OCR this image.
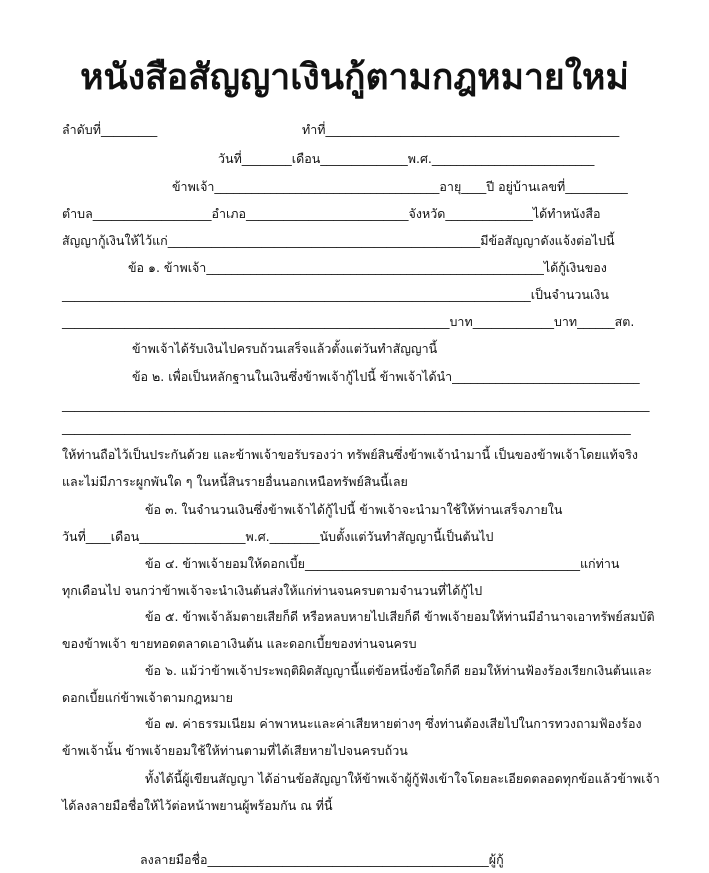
หนังสือสัญญาเงินกู้ตามกฎหมายใหม่
ลำดับที่_________	ทำที่_______________________________________________
วันที่________เดือน______________พ.ศ.__________________________
ข้าพเจ้า____________________________________อายุ____ปี อยู่บ้านเลขที่__________
ตำบล___________________อำเภอ__________________________จังหวัด______________ได้ทำหนังสือ
สัญญากู้เงินให้ไว้แก่__________________________________________________มีข้อสัญญาดังแจ้งต่อไปนี้
ข้อ ๑. ข้าพเจ้า______________________________________________________ได้กู้เงินของ
___________________________________________________________________________เป็นจำนวนเงิน
______________________________________________________________บาท_____________บาท______สต.
ข้าพเจ้าได้รับเงินไปครบถ้วนเสร็จแล้วตั้งแต่วันทำสัญญานี้
ข้อ ๒. เพื่อเป็นหลักฐานในเงินซึ่งข้าพเจ้ากู้ไปนี้ ข้าพเจ้าได้นำ______________________________
______________________________________________________________________________________________
___________________________________________________________________________________________
ให้ท่านถือไว้เป็นประกันด้วย และข้าพเจ้าขอรับรองว่า ทรัพย์สินซึ่งข้าพเจ้านำมานี้ เป็นของข้าพเจ้าโดยแท้จริง
และไม่มีภาระผูกพันใด ๆ ในหนี้สินรายอื่นนอกเหนือทรัพย์สินนี้เลย
ข้อ ๓. ในจำนวนเงินซึ่งข้าพเจ้าได้กู้ไปนี้ ข้าพเจ้าจะนำมาใช้ให้ท่านเสร็จภายใน
วันที่____เดือน_________________พ.ศ.________นับตั้งแต่วันทำสัญญานี้เป็นต้นไป
ข้อ ๔. ข้าพเจ้ายอมให้ดอกเบี้ย____________________________________________แก่ท่าน
ทุกเดือนไป จนกว่าข้าพเจ้าจะนำเงินต้นส่งให้แก่ท่านจนครบตามจำนวนที่ได้กู้ไป
ข้อ ๕. ข้าพเจ้าล้มตายเสียก็ดี หรือหลบหายไปเสียก็ดี ข้าพเจ้ายอมให้ท่านมีอำนาจเอาทรัพย์สมบัติ
ของข้าพเจ้า ขายทอดตลาดเอาเงินต้น และดอกเบี้ยของท่านจนครบ
ข้อ ๖. แม้ว่าข้าพเจ้าประพฤติผิดสัญญานี้แต่ข้อหนึ่งข้อใดก็ดี ยอมให้ท่านฟ้องร้องเรียกเงินต้นและ
ดอกเบี้ยแก่ข้าพเจ้าตามกฎหมาย
ข้อ ๗. ค่าธรรมเนียม ค่าพาหนะและค่าเสียหายต่างๆ ซึ่งท่านต้องเสียไปในการทวงถามฟ้องร้อง
ข้าพเจ้านั้น ข้าพเจ้ายอมใช้ให้ท่านตามที่ได้เสียหายไปจนครบถ้วน
ทั้งได้นี้ผู้เขียนสัญญา ได้อ่านข้อสัญญาให้ข้าพเจ้าผู้กู้ฟังเข้าใจโดยละเอียดตลอดทุกข้อแล้วข้าพเจ้า
ได้ลงลายมือชื่อให้ไว้ต่อหน้าพยานผู้พร้อมกัน ณ ที่นี้
ลงลายมือชื่อ_____________________________________________ผู้กู้
